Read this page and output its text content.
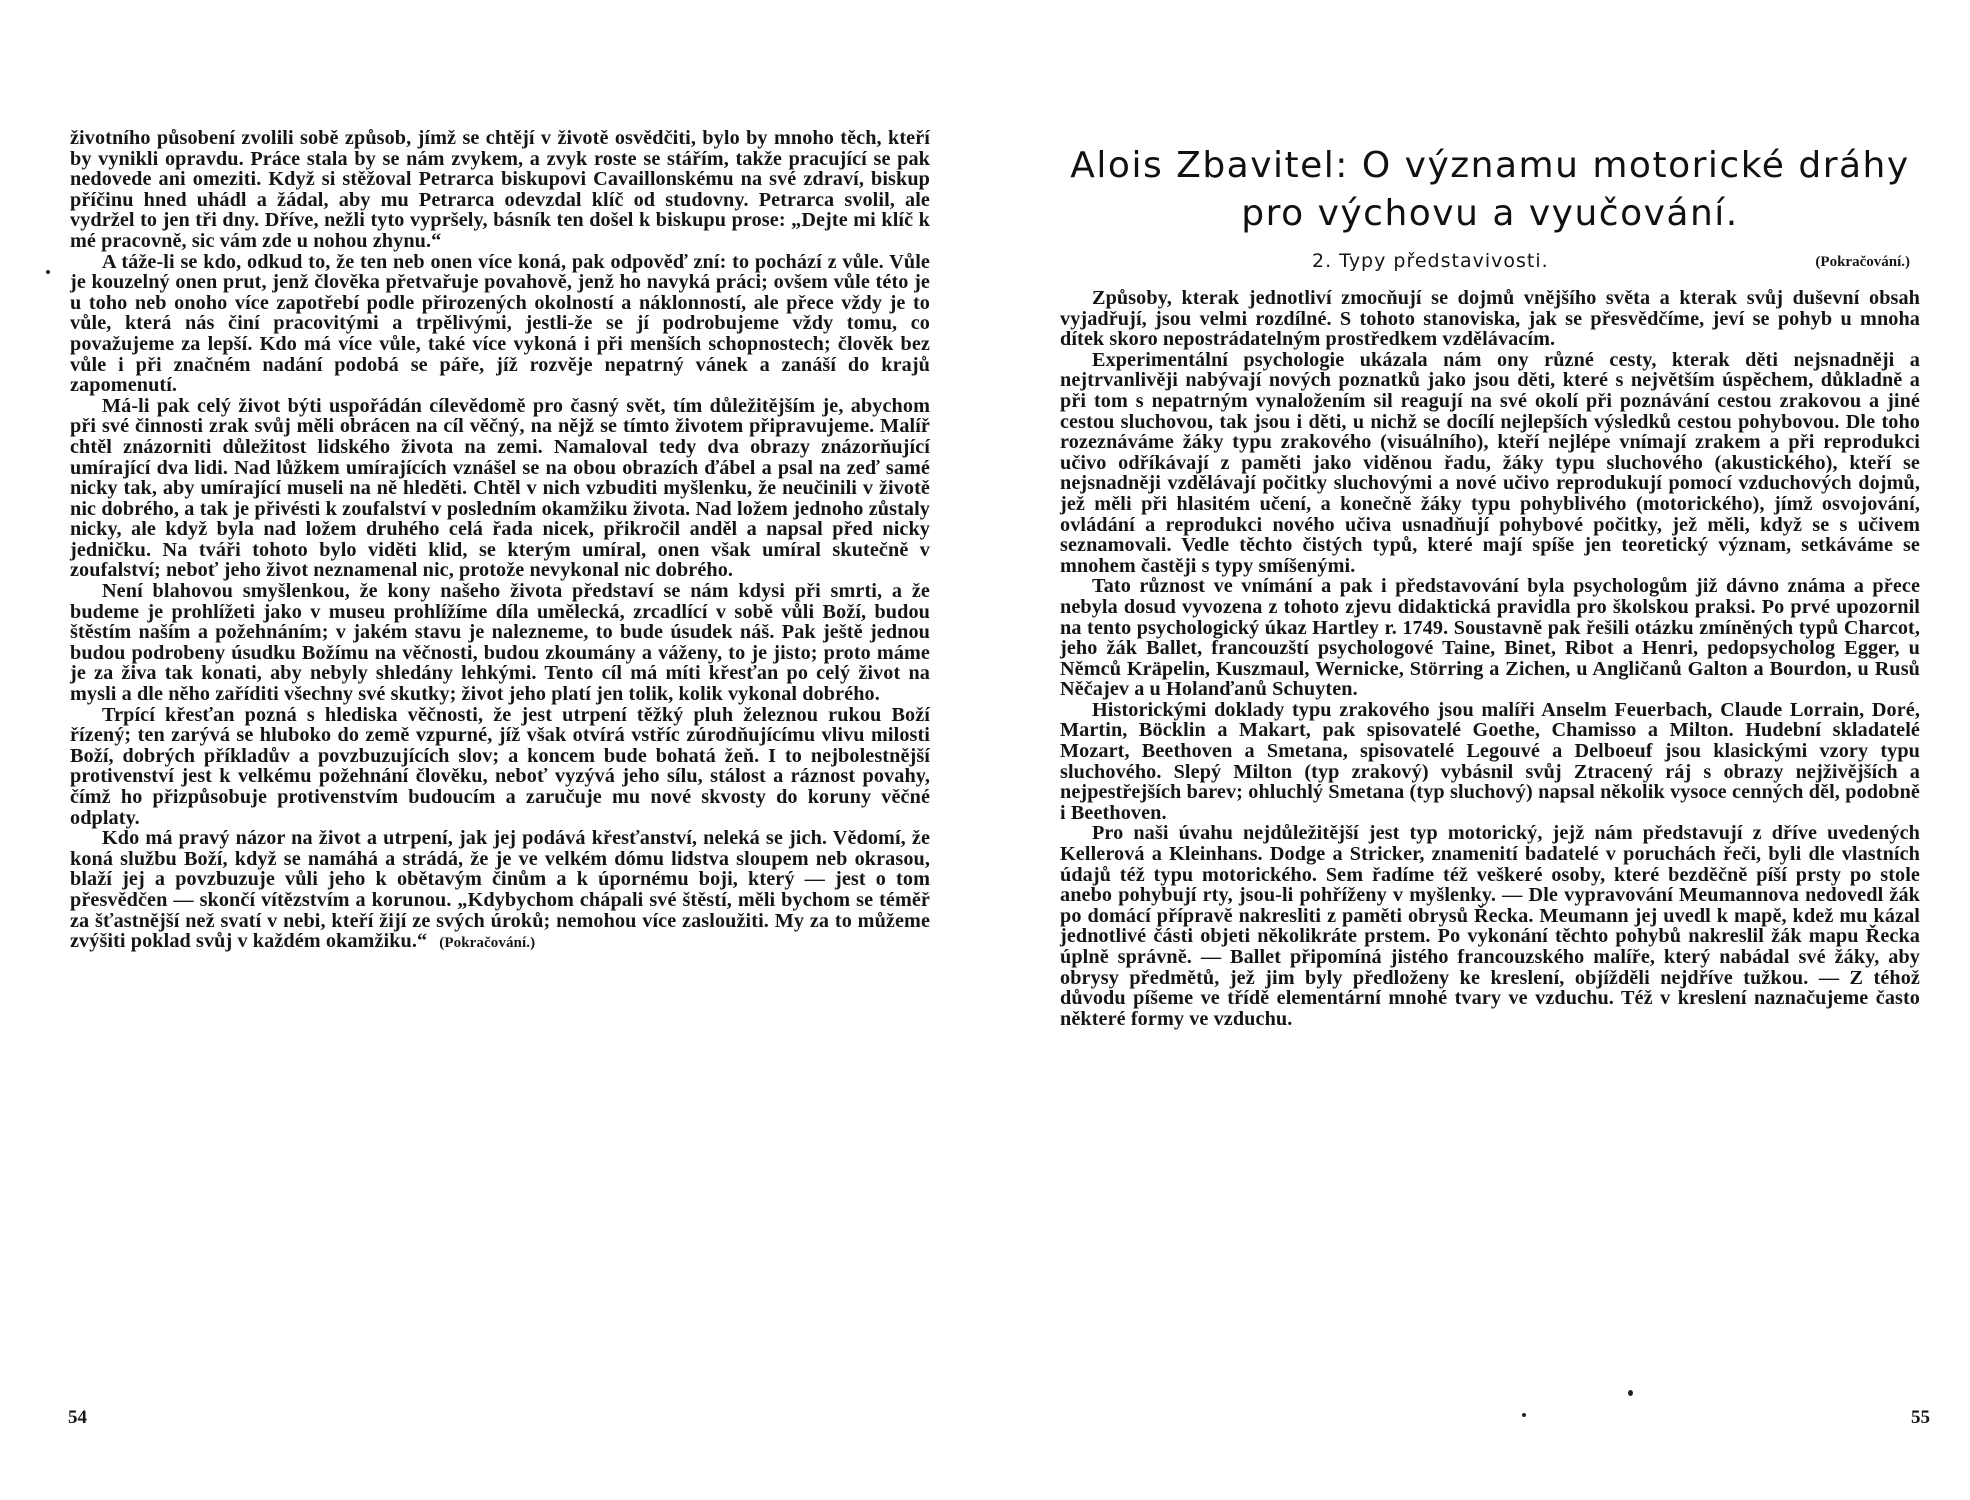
životního působení zvolili sobě způsob, jímž se chtějí v životě osvědčiti, bylo by mnoho těch, kteří by vynikli opravdu. Práce stala by se nám zvykem, a zvyk roste se stářím, takže pracující se pak nedovede ani omeziti. Když si stěžoval Petrarca biskupovi Cavaillonskému na své zdraví, biskup příčinu hned uhádl a žádal, aby mu Petrarca odevzdal klíč od studovny. Petrarca svolil, ale vydržel to jen tři dny. Dříve, nežli tyto vypršely, básník ten došel k biskupu prose: „Dejte mi klíč k mé pracovně, sic vám zde u nohou zhynu.“

A táže-li se kdo, odkud to, že ten neb onen více koná, pak odpověď zní: to pochází z vůle. Vůle je kouzelný onen prut, jenž člověka přetvařuje povahově, jenž ho navyká práci; ovšem vůle této je u toho neb onoho více zapotřebí podle přirozených okolností a náklonností, ale přece vždy je to vůle, která nás činí pracovitými a trpělivými, jestli-že se jí podrobujeme vždy tomu, co považujeme za lepší. Kdo má více vůle, také více vykoná i při menších schopnostech; člověk bez vůle i při značném nadání podobá se páře, jíž rozvěje nepatrný vánek a zanáší do krajů zapomenutí.

Má-li pak celý život býti uspořádán cílevědomě pro časný svět, tím důležitějším je, abychom při své činnosti zrak svůj měli obrácen na cíl věčný, na nějž se tímto životem připravujeme. Malíř chtěl znázorniti důležitost lidského života na zemi. Namaloval tedy dva obrazy znázorňující umírající dva lidi. Nad lůžkem umírajících vznášel se na obou obrazích ďábel a psal na zeď samé nicky tak, aby umírající museli na ně hleděti. Chtěl v nich vzbuditi myšlenku, že neučinili v životě nic dobrého, a tak je přivésti k zoufalství v posledním okamžiku života. Nad ložem jednoho zůstaly nicky, ale když byla nad ložem druhého celá řada nicek, přikročil anděl a napsal před nicky jedničku. Na tváři tohoto bylo viděti klid, se kterým umíral, onen však umíral skutečně v zoufalství; neboť jeho život neznamenal nic, protože nevykonal nic dobrého.

Není blahovou smyšlenkou, že kony našeho života představí se nám kdysi při smrti, a že budeme je prohlížeti jako v museu prohlížíme díla umělecká, zrcadlící v sobě vůli Boží, budou štěstím naším a požehnáním; v jakém stavu je nalezneme, to bude úsudek náš. Pak ještě jednou budou podrobeny úsudku Božímu na věčnosti, budou zkoumány a váženy, to je jisto; proto máme je za živa tak konati, aby nebyly shledány lehkými. Tento cíl má míti křesťan po celý život na mysli a dle něho zaříditi všechny své skutky; život jeho platí jen tolik, kolik vykonal dobrého.

Trpící křesťan pozná s hlediska věčnosti, že jest utrpení těžký pluh železnou rukou Boží řízený; ten zarývá se hluboko do země vzpurné, jíž však otvírá vstříc zúrodňujícímu vlivu milosti Boží, dobrých příkladův a povzbuzujících slov; a koncem bude bohatá žeň. I to nejbolestnější protivenství jest k velkému požehnání člověku, neboť vyzývá jeho sílu, stálost a ráznost povahy, čímž ho přizpůsobuje protivenstvím budoucím a zaručuje mu nové skvosty do koruny věčné odplaty.

Kdo má pravý názor na život a utrpení, jak jej podává křesťanství, neleká se jich. Vědomí, že koná službu Boží, když se namáhá a strádá, že je ve velkém dómu lidstva sloupem neb okrasou, blaží jej a povzbuzuje vůli jeho k obětavým činům a k úpornému boji, který — jest o tom přesvědčen — skončí vítězstvím a korunou. „Kdybychom chápali své štěstí, měli bychom se téměř za šťastnější než svatí v nebi, kteří žijí ze svých úroků; nemohou více zasloužiti. My za to můžeme zvýšiti poklad svůj v každém okamžiku.“ (Pokračování.)

54
Alois Zbavitel: O významu motorické dráhy
pro výchovu a vyučování.
2. Typy představivosti.	(Pokračování.)

Způsoby, kterak jednotliví zmocňují se dojmů vnějšího světa a kterak svůj duševní obsah vyjadřují, jsou velmi rozdílné. S tohoto stanoviska, jak se přesvědčíme, jeví se pohyb u mnoha dítek skoro nepostrádatelným prostředkem vzdělávacím.

Experimentální psychologie ukázala nám ony různé cesty, kterak děti nejsnadněji a nejtrvanlivěji nabývají nových poznatků jako jsou děti, které s největším úspěchem, důkladně a při tom s nepatrným vynaložením sil reagují na své okolí při poznávání cestou zrakovou a jiné cestou sluchovou, tak jsou i děti, u nichž se docílí nejlepších výsledků cestou pohybovou. Dle toho rozeznáváme žáky typu zrakového (visuálního), kteří nejlépe vnímají zrakem a při reprodukci učivo odříkávají z paměti jako viděnou řadu, žáky typu sluchového (akustického), kteří se nejsnadněji vzdělávají počitky sluchovými a nové učivo reprodukují pomocí vzduchových dojmů, jež měli při hlasitém učení, a konečně žáky typu pohyblivého (motorického), jímž osvojování, ovládání a reprodukci nového učiva usnadňují pohybové počitky, jež měli, když se s učivem seznamovali. Vedle těchto čistých typů, které mají spíše jen teoretický význam, setkáváme se mnohem častěji s typy smíšenými.

Tato různost ve vnímání a pak i představování byla psychologům již dávno známa a přece nebyla dosud vyvozena z tohoto zjevu didaktická pravidla pro školskou praksi. Po prvé upozornil na tento psychologický úkaz Hartley r. 1749. Soustavně pak řešili otázku zmíněných typů Charcot, jeho žák Ballet, francouzští psychologové Taine, Binet, Ribot a Henri, pedopsycholog Egger, u Němců Kräpelin, Kuszmaul, Wernicke, Störring a Zichen, u Angličanů Galton a Bourdon, u Rusů Něčajev a u Holanďanů Schuyten.

Historickými doklady typu zrakového jsou malíři Anselm Feuerbach, Claude Lorrain, Doré, Martin, Böcklin a Makart, pak spisovatelé Goethe, Chamisso a Milton. Hudební skladatelé Mozart, Beethoven a Smetana, spisovatelé Legouvé a Delboeuf jsou klasickými vzory typu sluchového. Slepý Milton (typ zrakový) vybásnil svůj Ztracený ráj s obrazy nejživějších a nejpestřejších barev; ohluchlý Smetana (typ sluchový) napsal několik vysoce cenných děl, podobně i Beethoven.

Pro naši úvahu nejdůležitější jest typ motorický, jejž nám představují z dříve uvedených Kellerová a Kleinhans. Dodge a Stricker, znamenití badatelé v poruchách řeči, byli dle vlastních údajů též typu motorického. Sem řadíme též veškeré osoby, které bezděčně píší prsty po stole anebo pohybují rty, jsou-li pohříženy v myšlenky. — Dle vypravování Meumannova nedovedl žák po domácí přípravě nakresliti z paměti obrysů Řecka. Meumann jej uvedl k mapě, kdež mu kázal jednotlivé části objeti několikráte prstem. Po vykonání těchto pohybů nakreslil žák mapu Řecka úplně správně. — Ballet připomíná jistého francouzského malíře, který nabádal své žáky, aby obrysy předmětů, jež jim byly předloženy ke kreslení, objížděli nejdříve tužkou. — Z téhož důvodu píšeme ve třídě elementární mnohé tvary ve vzduchu. Též v kreslení naznačujeme často některé formy ve vzduchu.

55
